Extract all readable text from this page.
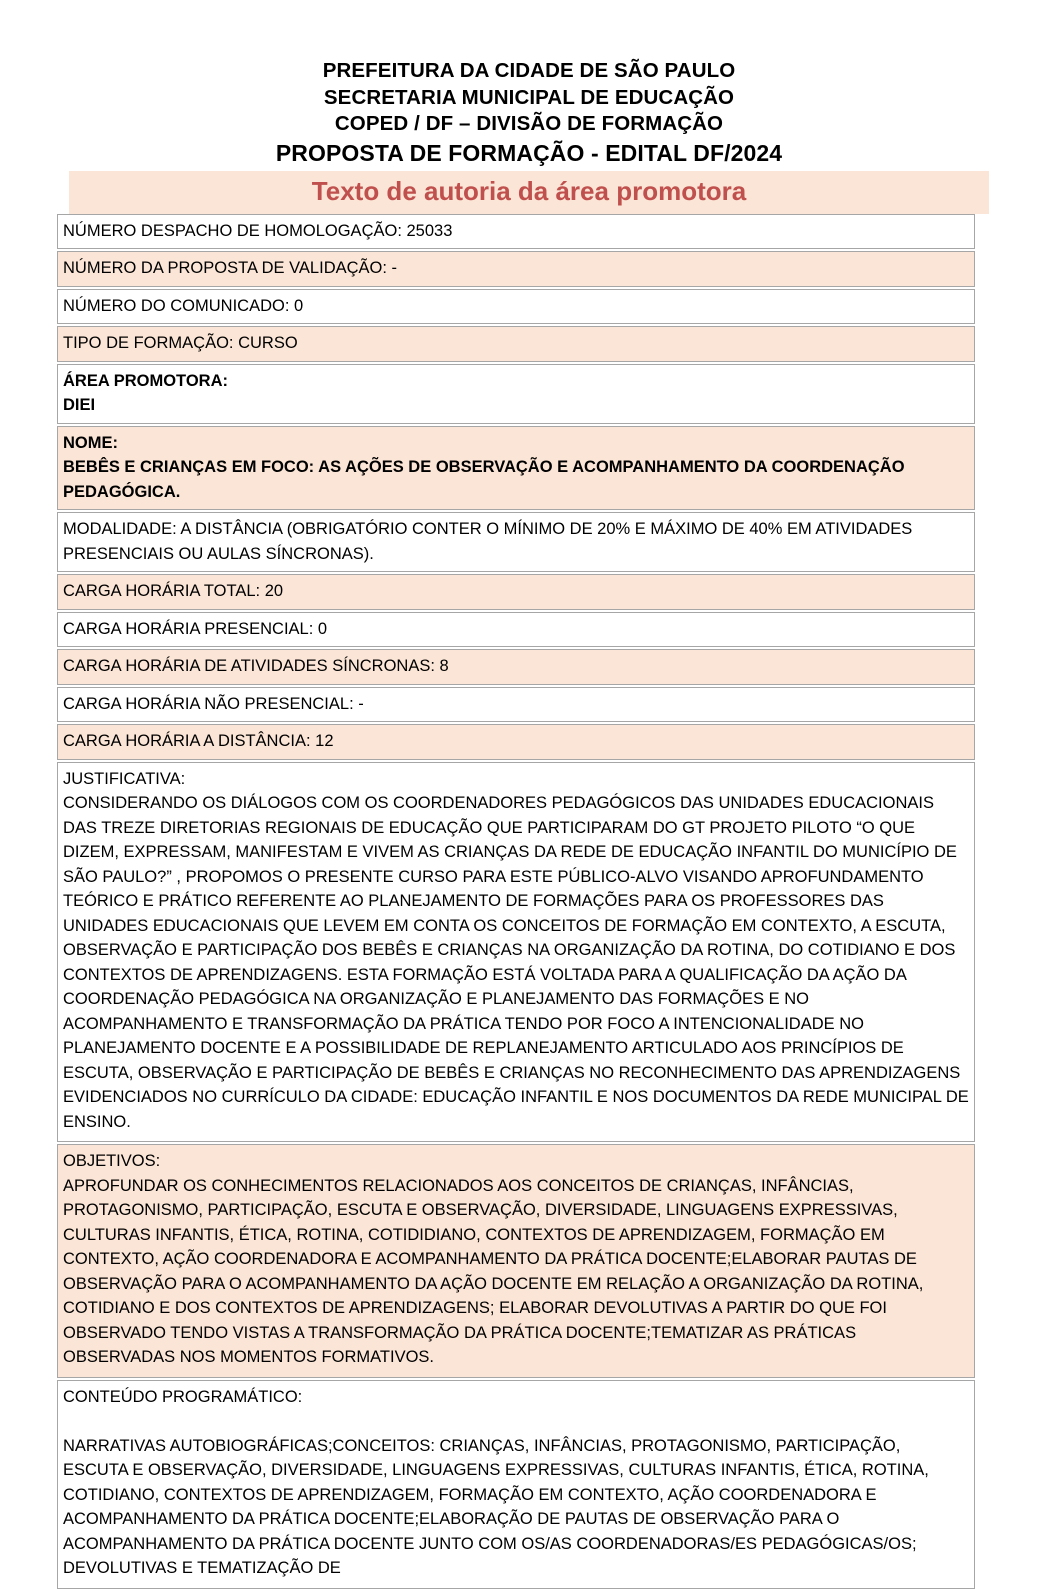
PREFEITURA DA CIDADE DE SÃO PAULO
SECRETARIA MUNICIPAL DE EDUCAÇÃO
COPED / DF – DIVISÃO DE FORMAÇÃO
PROPOSTA DE FORMAÇÃO - EDITAL DF/2024
Texto de autoria da área promotora
NÚMERO DESPACHO DE HOMOLOGAÇÃO: 25033
NÚMERO DA PROPOSTA DE VALIDAÇÃO: -
NÚMERO DO COMUNICADO: 0
TIPO DE FORMAÇÃO: CURSO
ÁREA PROMOTORA:
DIEI
NOME:
BEBÊS E CRIANÇAS EM FOCO: AS AÇÕES DE OBSERVAÇÃO E ACOMPANHAMENTO DA COORDENAÇÃO PEDAGÓGICA.
MODALIDADE: A DISTÂNCIA (OBRIGATÓRIO CONTER O MÍNIMO DE 20% E MÁXIMO DE 40% EM ATIVIDADES PRESENCIAIS OU AULAS SÍNCRONAS).
CARGA HORÁRIA TOTAL: 20
CARGA HORÁRIA PRESENCIAL: 0
CARGA HORÁRIA DE ATIVIDADES SÍNCRONAS: 8
CARGA HORÁRIA NÃO PRESENCIAL: -
CARGA HORÁRIA A DISTÂNCIA: 12
JUSTIFICATIVA:
CONSIDERANDO OS DIÁLOGOS COM OS COORDENADORES PEDAGÓGICOS DAS UNIDADES EDUCACIONAIS DAS TREZE DIRETORIAS REGIONAIS DE EDUCAÇÃO QUE PARTICIPARAM DO GT PROJETO PILOTO “O QUE DIZEM, EXPRESSAM, MANIFESTAM E VIVEM AS CRIANÇAS DA REDE DE EDUCAÇÃO INFANTIL DO MUNICÍPIO DE SÃO PAULO?” , PROPOMOS O PRESENTE CURSO PARA ESTE PÚBLICO-ALVO VISANDO APROFUNDAMENTO TEÓRICO E PRÁTICO REFERENTE AO PLANEJAMENTO DE FORMAÇÕES PARA OS PROFESSORES DAS UNIDADES EDUCACIONAIS QUE LEVEM EM CONTA OS CONCEITOS DE FORMAÇÃO EM CONTEXTO, A ESCUTA, OBSERVAÇÃO E PARTICIPAÇÃO DOS BEBÊS E CRIANÇAS NA ORGANIZAÇÃO DA ROTINA, DO COTIDIANO E DOS CONTEXTOS DE APRENDIZAGENS. ESTA FORMAÇÃO ESTÁ VOLTADA PARA A QUALIFICAÇÃO DA AÇÃO DA COORDENAÇÃO PEDAGÓGICA NA ORGANIZAÇÃO E PLANEJAMENTO DAS FORMAÇÕES E NO ACOMPANHAMENTO E TRANSFORMAÇÃO DA PRÁTICA TENDO POR FOCO A INTENCIONALIDADE NO PLANEJAMENTO DOCENTE E A POSSIBILIDADE DE REPLANEJAMENTO ARTICULADO AOS PRINCÍPIOS DE ESCUTA, OBSERVAÇÃO E PARTICIPAÇÃO DE BEBÊS E CRIANÇAS NO RECONHECIMENTO DAS APRENDIZAGENS EVIDENCIADOS NO CURRÍCULO DA CIDADE: EDUCAÇÃO INFANTIL E NOS DOCUMENTOS DA REDE MUNICIPAL DE ENSINO.
OBJETIVOS:
APROFUNDAR OS CONHECIMENTOS RELACIONADOS AOS CONCEITOS DE CRIANÇAS, INFÂNCIAS, PROTAGONISMO, PARTICIPAÇÃO, ESCUTA E OBSERVAÇÃO, DIVERSIDADE, LINGUAGENS EXPRESSIVAS, CULTURAS INFANTIS, ÉTICA, ROTINA, COTIDIDIANO, CONTEXTOS DE APRENDIZAGEM, FORMAÇÃO EM CONTEXTO, AÇÃO COORDENADORA E ACOMPANHAMENTO DA PRÁTICA DOCENTE;ELABORAR PAUTAS DE OBSERVAÇÃO PARA O ACOMPANHAMENTO DA AÇÃO DOCENTE EM RELAÇÃO A ORGANIZAÇÃO DA ROTINA, COTIDIANO E DOS CONTEXTOS DE APRENDIZAGENS; ELABORAR DEVOLUTIVAS A PARTIR DO QUE FOI OBSERVADO TENDO VISTAS A TRANSFORMAÇÃO DA PRÁTICA DOCENTE;TEMATIZAR AS PRÁTICAS OBSERVADAS NOS MOMENTOS FORMATIVOS.
CONTEÚDO PROGRAMÁTICO:
NARRATIVAS AUTOBIOGRÁFICAS;CONCEITOS: CRIANÇAS, INFÂNCIAS, PROTAGONISMO, PARTICIPAÇÃO, ESCUTA E OBSERVAÇÃO, DIVERSIDADE, LINGUAGENS EXPRESSIVAS, CULTURAS INFANTIS, ÉTICA, ROTINA, COTIDIANO, CONTEXTOS DE APRENDIZAGEM, FORMAÇÃO EM CONTEXTO, AÇÃO COORDENADORA E ACOMPANHAMENTO DA PRÁTICA DOCENTE;ELABORAÇÃO DE PAUTAS DE OBSERVAÇÃO PARA O ACOMPANHAMENTO DA PRÁTICA DOCENTE JUNTO COM OS/AS COORDENADORAS/ES PEDAGÓGICAS/OS; DEVOLUTIVAS E TEMATIZAÇÃO DE
